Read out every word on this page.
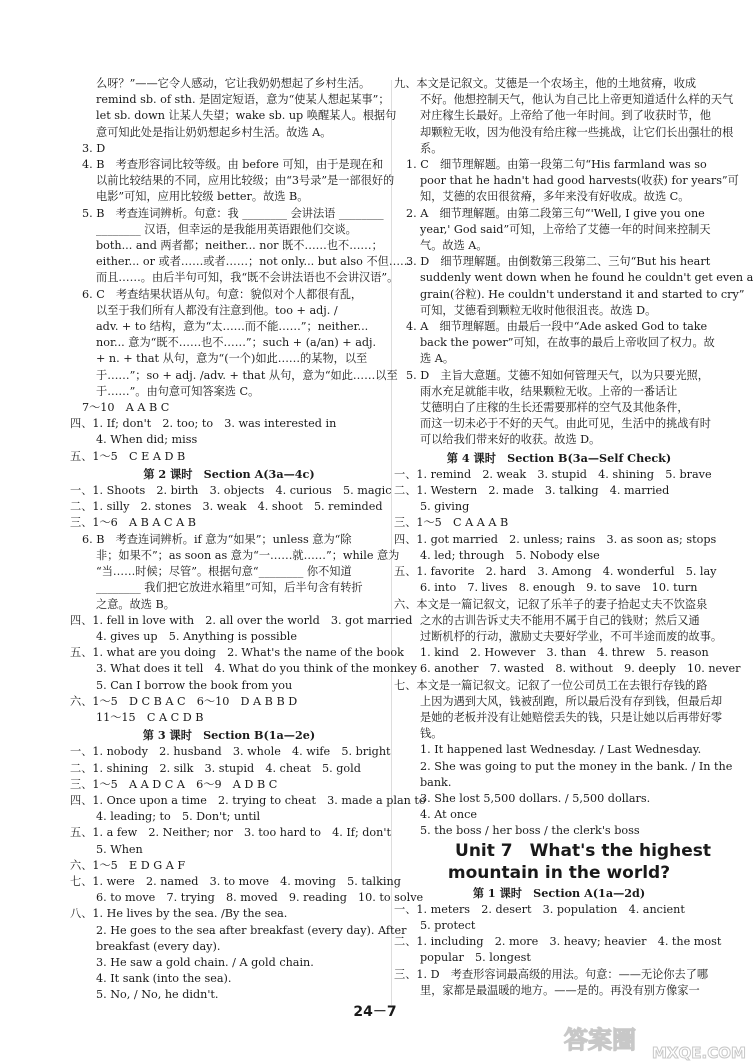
么呀？”——它令人感动，它让我奶奶想起了乡村生活。
remind sb. of sth. 是固定短语，意为“使某人想起某事”；
let sb. down 让某人失望；wake sb. up 唤醒某人。根据句
意可知此处是指让奶奶想起乡村生活。故选 A。
3. D
4. B　考查形容词比较等级。由 before 可知，由于是现在和
以前比较结果的不同，应用比较级；由“3号录”是一部很好的
电影”可知，应用比较级 better。故选 B。
5. B　考查连词辨析。句意：我 ________ 会讲法语 ________
________ 汉语，但幸运的是我能用英语跟他们交谈。
both... and 两者都；neither... nor 既不……也不……；
either... or 或者……或者……；not only... but also 不但……
而且……。由后半句可知，我“既不会讲法语也不会讲汉语”。
6. C　考查结果状语从句。句意：貌似对个人都很有乱，
以至于我们所有人都没有注意到他。too + adj. /
adv. + to 结构，意为“太……而不能……”；neither...
nor... 意为“既不……也不……”；such + (a/an) + adj.
+ n. + that 从句，意为“(一个)如此……的某物，以至
于……”；so + adj. /adv. + that 从句，意为“如此……以至
于……”。由句意可知答案选 C。
7～10　A A B C
四、1. If; don't　2. too; to　3. was interested in
4. When did; miss
五、1～5　C E A D B
第 2 课时　Section A(3a—4c)
一、1. Shoots　2. birth　3. objects　4. curious　5. magic
二、1. silly　2. stones　3. weak　4. shoot　5. reminded
三、1～6　A B A C A B
6. B　考查连词辨析。if 意为“如果”；unless 意为“除
非；如果不”；as soon as 意为“一……就……”；while 意为
“当……时候；尽管”。根据句意“________ 你不知道
________ 我们把它放进水箱里”可知，后半句含有转折
之意。故选 B。
四、1. fell in love with　2. all over the world　3. got married
4. gives up　5. Anything is possible
五、1. what are you doing　2. What's the name of the book
3. What does it tell　4. What do you think of the monkey
5. Can I borrow the book from you
六、1～5　D C B A C　6～10　D A B B D
11～15　C A C D B
第 3 课时　Section B(1a—2e)
一、1. nobody　2. husband　3. whole　4. wife　5. bright
二、1. shining　2. silk　3. stupid　4. cheat　5. gold
三、1～5　A A D C A　6～9　A D B C
四、1. Once upon a time　2. trying to cheat　3. made a plan to
4. leading; to　5. Don't; until
五、1. a few　2. Neither; nor　3. too hard to　4. If; don't
5. When
六、1～5　E D G A F
七、1. were　2. named　3. to move　4. moving　5. talking
6. to move　7. trying　8. moved　9. reading　10. to solve
八、1. He lives by the sea. /By the sea.
2. He goes to the sea after breakfast (every day). After
breakfast (every day).
3. He saw a gold chain. / A gold chain.
4. It sank (into the sea).
5. No, / No, he didn't.
九、本文是记叙文。艾德是一个农场主，他的土地贫瘠，收成
不好。他想控制天气，他认为自己比上帝更知道适什么样的天气
对庄稼生长最好。上帝给了他一年时间。到了收获时节，他
却颗粒无收，因为他没有给庄稼一些挑战，让它们长出强壮的根
系。
1. C　细节理解题。由第一段第二句“His farmland was so
poor that he hadn't had good harvests(收获) for years”可
知，艾德的农田很贫瘠，多年来没有好收成。故选 C。
2. A　细节理解题。由第二段第三句“'Well, I give you one
year,' God said”可知，上帝给了艾德一年的时间来控制天
气。故选 A。
3. D　细节理解题。由倒数第三段第二、三句“But his heart
suddenly went down when he found he couldn't get even a
grain(谷粒). He couldn't understand it and started to cry”
可知，艾德看到颗粒无收时他很沮丧。故选 D。
4. A　细节理解题。由最后一段中“Ade asked God to take
back the power”可知，在故事的最后上帝收回了权力。故
选 A。
5. D　主旨大意题。艾德不知如何管理天气，以为只要光照，
雨水充足就能丰收，结果颗粒无收。上帝的一番话让
艾德明白了庄稼的生长还需要那样的空气及其他条件，
而这一切未必于不好的天气。由此可见，生活中的挑战有时
可以给我们带来好的收获。故选 D。
第 4 课时　Section B(3a—Self Check)
一、1. remind　2. weak　3. stupid　4. shining　5. brave
二、1. Western　2. made　3. talking　4. married
5. giving
三、1～5　C A A A B
四、1. got married　2. unless; rains　3. as soon as; stops
4. led; through　5. Nobody else
五、1. favorite　2. hard　3. Among　4. wonderful　5. lay
6. into　7. lives　8. enough　9. to save　10. turn
六、本文是一篇记叙文，记叙了乐羊子的妻子拾起丈夫不饮盗泉
之水的古训告诉丈夫不能用不属于自己的钱财；然后又通
过断机杼的行动，激励丈夫要好学业，不可半途而废的故事。
1. kind　2. However　3. than　4. threw　5. reason
6. another　7. wasted　8. without　9. deeply　10. never
七、本文是一篇记叙文。记叙了一位公司员工在去银行存钱的路
上因为遇到大风，钱被刮跑，所以最后没有存到钱，但最后却
是她的老板并没有让她赔偿丢失的钱，只是让她以后再带好零
钱。
1. It happened last Wednesday. / Last Wednesday.
2. She was going to put the money in the bank. / In the
bank.
3. She lost 5,500 dollars. / 5,500 dollars.
4. At once
5. the boss / her boss / the clerk's boss
Unit 7　What's the highest
mountain in the world?
第 1 课时　Section A(1a—2d)
一、1. meters　2. desert　3. population　4. ancient
5. protect
二、1. including　2. more　3. heavy; heavier　4. the most
popular　5. longest
三、1. D　考查形容词最高级的用法。句意：——无论你去了哪
里，家都是最温暖的地方。——是的。再没有别方像家一
24－7
答案圈 MXQE.COM
